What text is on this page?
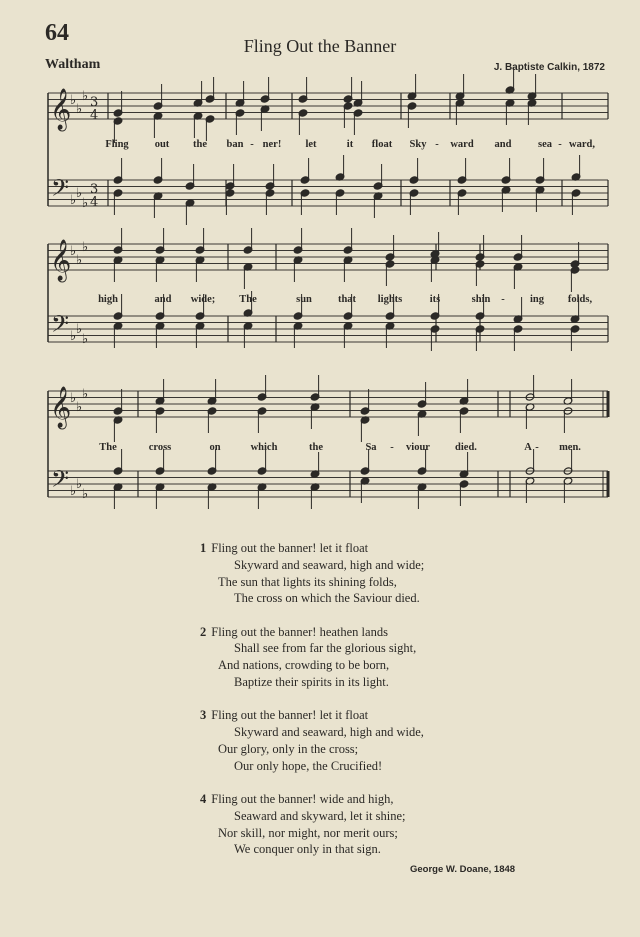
64	Fling Out the Banner
Waltham	J. Baptiste Calkin, 1872
𝄞
𝄢
♭
♭
♭
♭ ♭
♭
3
4
3
4
𝄞
𝄢
♭
♭
♭
♭ ♭
♭
𝄞
𝄢
♭
♭
♭
♭ ♭
♭
Fling out the ban - ner! let	it float Sky - ward and	sea - ward,
high	and wide; The	sun that lights	its	shin - ing folds,
The	cross	on	which	the	Sa - viour died.	A - men.
1 Fling out the banner! let it float
Skyward and seaward, high and wide;
The sun that lights its shining folds,
The cross on which the Saviour died.
2 Fling out the banner! heathen lands
Shall see from far the glorious sight,
And nations, crowding to be born,
Baptize their spirits in its light.
3 Fling out the banner! let it float
Skyward and seaward, high and wide,
Our glory, only in the cross;
Our only hope, the Crucified!
4 Fling out the banner! wide and high,
Seaward and skyward, let it shine;
Nor skill, nor might, nor merit ours;
We conquer only in that sign.
George W. Doane, 1848
